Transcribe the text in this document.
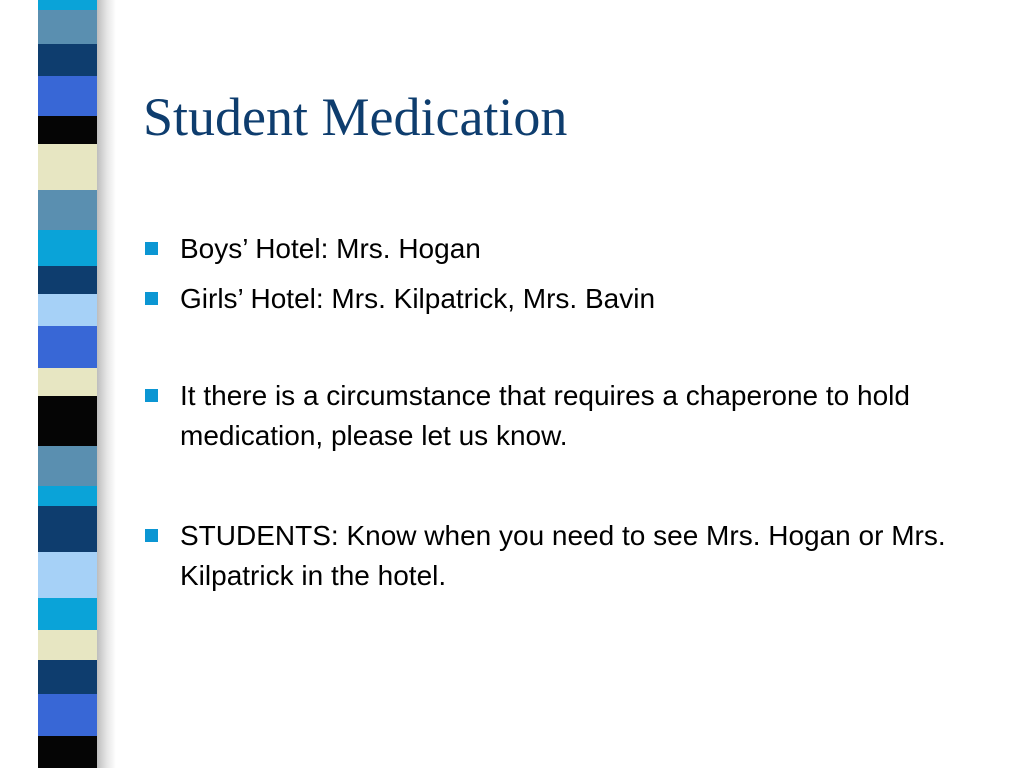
Student Medication
Boys’ Hotel: Mrs. Hogan
Girls’ Hotel: Mrs. Kilpatrick, Mrs. Bavin
It there is a circumstance that requires a chaperone to hold medication, please let us know.
STUDENTS: Know when you need to see Mrs. Hogan or Mrs. Kilpatrick in the hotel.
